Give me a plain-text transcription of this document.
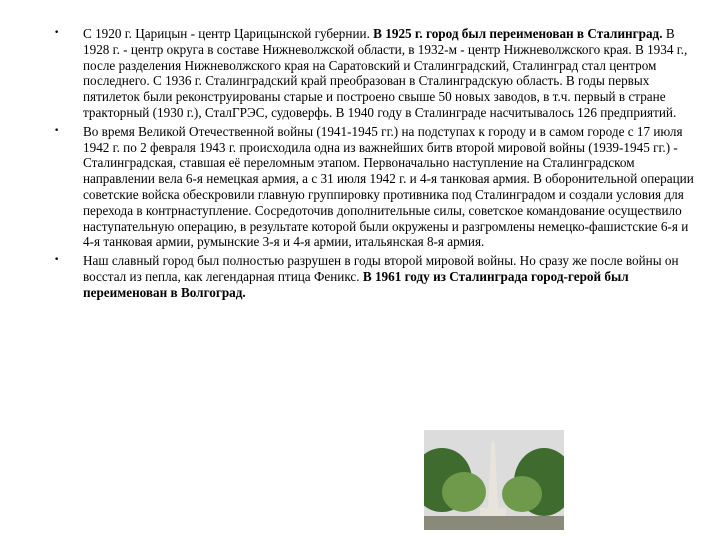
• С 1920 г. Царицын - центр Царицынской губернии. В 1925 г. город был переименован в Сталинград. В 1928 г. - центр округа в составе Нижневолжской области, в 1932-м - центр Нижневолжского края. В 1934 г., после разделения Нижневолжского края на Саратовский и Сталинградский, Сталинград стал центром последнего. С 1936 г. Сталинградский край преобразован в Сталинградскую область. В годы первых пятилеток были реконструированы старые и построено свыше 50 новых заводов, в т.ч. первый в стране тракторный (1930 г.), СталГРЭС, судоверфь. В 1940 году в Сталинграде насчитывалось 126 предприятий.
• Во время Великой Отечественной войны (1941-1945 гг.) на подступах к городу и в самом городе с 17 июля 1942 г. по 2 февраля 1943 г. происходила одна из важнейших битв второй мировой войны (1939-1945 гг.) - Сталинградская, ставшая её переломным этапом. Первоначально наступление на Сталинградском направлении вела 6-я немецкая армия, а с 31 июля 1942 г. и 4-я танковая армия. В оборонительной операции советские войска обескровили главную группировку противника под Сталинградом и создали условия для перехода в контрнаступление. Сосредоточив дополнительные силы, советское командование осуществило наступательную операцию, в результате которой были окружены и разгромлены немецко-фашистские 6-я и 4-я танковая армии, румынские 3-я и 4-я армии, итальянская 8-я армия.
• Наш славный город был полностью разрушен в годы второй мировой войны. Но сразу же после войны он восстал из пепла, как легендарная птица Феникс. В 1961 году из Сталинграда город-герой был переименован в Волгоград.
